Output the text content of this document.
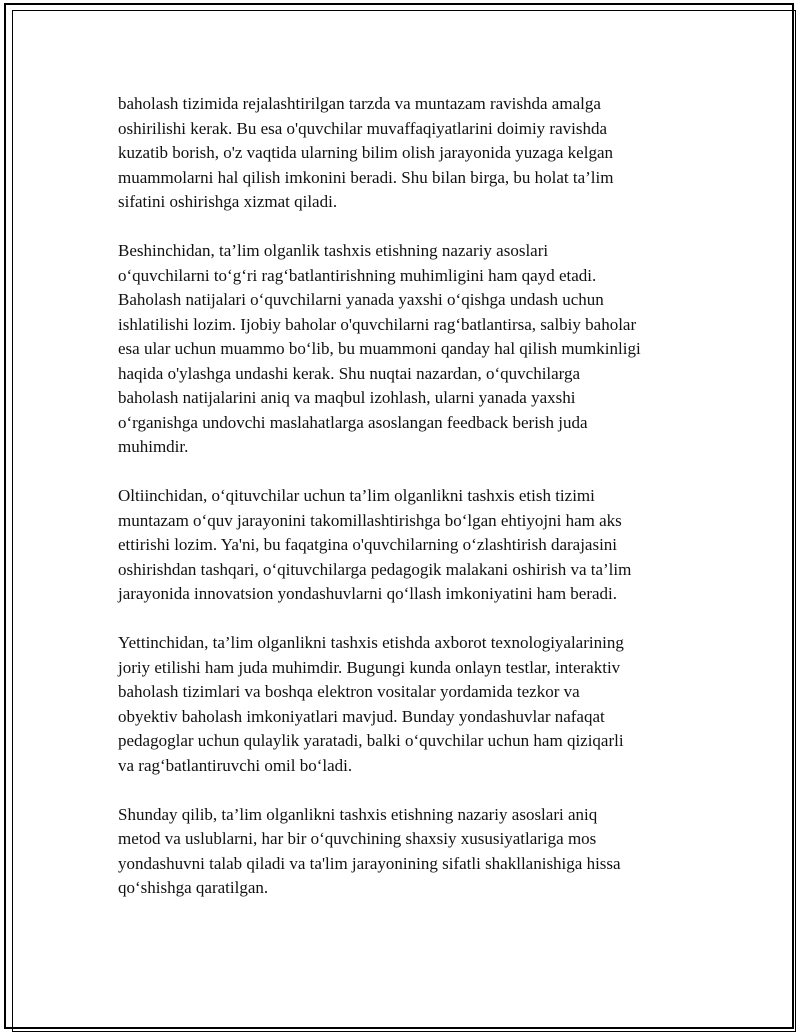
baholash tizimida rejalashtirilgan tarzda va muntazam ravishda amalga
oshirilishi kerak. Bu esa o'quvchilar muvaffaqiyatlarini doimiy ravishda
kuzatib borish, o'z vaqtida ularning bilim olish jarayonida yuzaga kelgan
muammolarni hal qilish imkonini beradi. Shu bilan birga, bu holat ta’lim
sifatini oshirishga xizmat qiladi.

Beshinchidan, ta’lim olganlik tashxis etishning nazariy asoslari
o‘quvchilarni to‘g‘ri rag‘batlantirishning muhimligini ham qayd etadi.
Baholash natijalari o‘quvchilarni yanada yaxshi o‘qishga undash uchun
ishlatilishi lozim. Ijobiy baholar o'quvchilarni rag‘batlantirsa, salbiy baholar
esa ular uchun muammo bo‘lib, bu muammoni qanday hal qilish mumkinligi
haqida o'ylashga undashi kerak. Shu nuqtai nazardan, o‘quvchilarga
baholash natijalarini aniq va maqbul izohlash, ularni yanada yaxshi
o‘rganishga undovchi maslahatlarga asoslangan feedback berish juda
muhimdir.

Oltiinchidan, o‘qituvchilar uchun ta’lim olganlikni tashxis etish tizimi
muntazam o‘quv jarayonini takomillashtirishga bo‘lgan ehtiyojni ham aks
ettirishi lozim. Ya'ni, bu faqatgina o'quvchilarning o‘zlashtirish darajasini
oshirishdan tashqari, o‘qituvchilarga pedagogik malakani oshirish va ta’lim
jarayonida innovatsion yondashuvlarni qo‘llash imkoniyatini ham beradi.

Yettinchidan, ta’lim olganlikni tashxis etishda axborot texnologiyalarining
joriy etilishi ham juda muhimdir. Bugungi kunda onlayn testlar, interaktiv
baholash tizimlari va boshqa elektron vositalar yordamida tezkor va
obyektiv baholash imkoniyatlari mavjud. Bunday yondashuvlar nafaqat
pedagoglar uchun qulaylik yaratadi, balki o‘quvchilar uchun ham qiziqarli
va rag‘batlantiruvchi omil bo‘ladi.

Shunday qilib, ta’lim olganlikni tashxis etishning nazariy asoslari aniq
metod va uslublarni, har bir o‘quvchining shaxsiy xususiyatlariga mos
yondashuvni talab qiladi va ta'lim jarayonining sifatli shakllanishiga hissa
qo‘shishga qaratilgan.
